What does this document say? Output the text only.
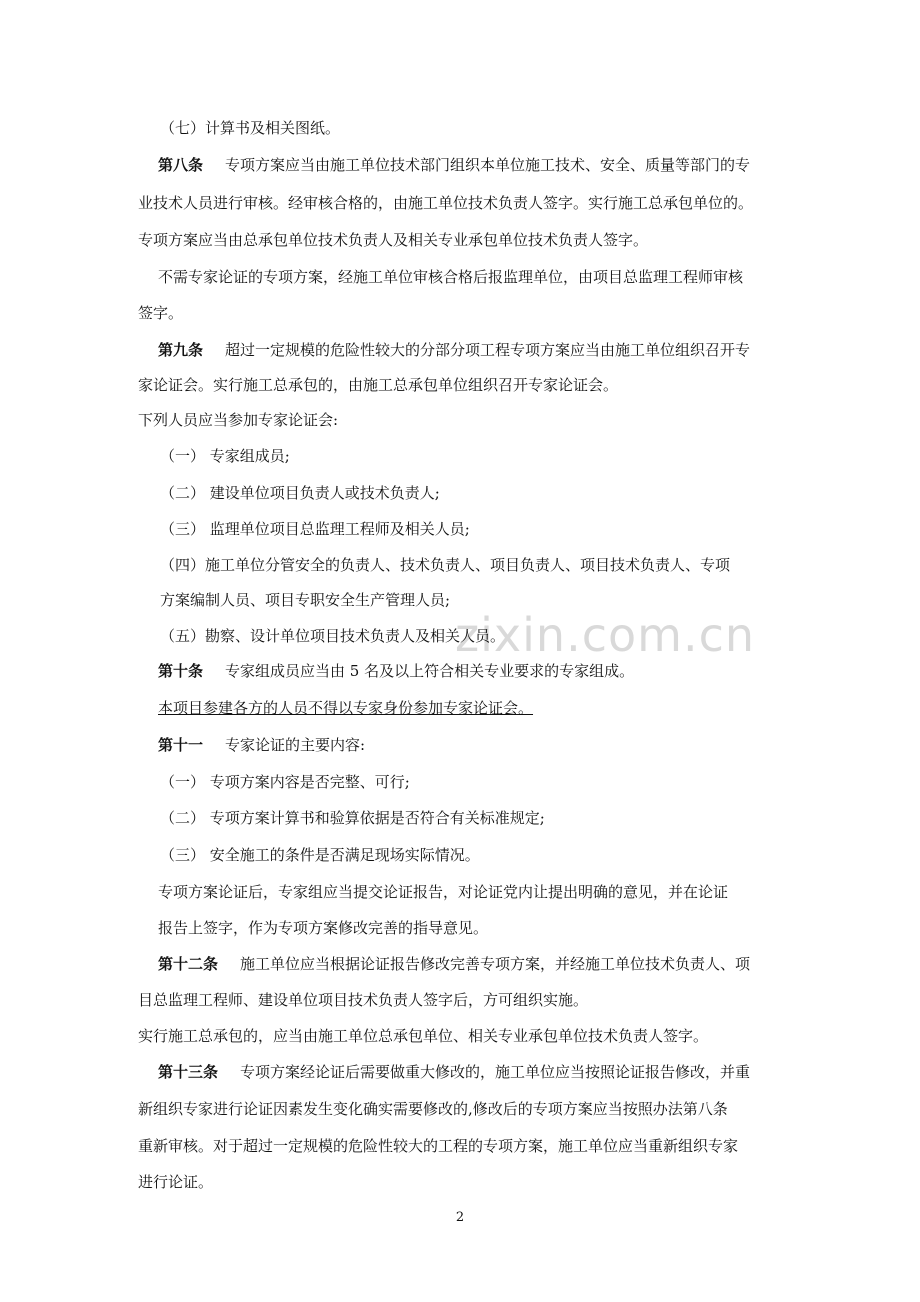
zixin.com.cn
（七）计算书及相关图纸。
第八条 专项方案应当由施工单位技术部门组织本单位施工技术、安全、质量等部门的专
业技术人员进行审核。经审核合格的，由施工单位技术负责人签字。实行施工总承包单位的。
专项方案应当由总承包单位技术负责人及相关专业承包单位技术负责人签字。
不需专家论证的专项方案，经施工单位审核合格后报监理单位，由项目总监理工程师审核
签字。
第九条 超过一定规模的危险性较大的分部分项工程专项方案应当由施工单位组织召开专
家论证会。实行施工总承包的，由施工总承包单位组织召开专家论证会。
下列人员应当参加专家论证会:
（一） 专家组成员;
（二） 建设单位项目负责人或技术负责人;
（三） 监理单位项目总监理工程师及相关人员;
（四）施工单位分管安全的负责人、技术负责人、项目负责人、项目技术负责人、专项
方案编制人员、项目专职安全生产管理人员;
（五）勘察、设计单位项目技术负责人及相关人员。
第十条 专家组成员应当由 5 名及以上符合相关专业要求的专家组成。
本项目参建各方的人员不得以专家身份参加专家论证会。
第十一 专家论证的主要内容:
（一） 专项方案内容是否完整、可行;
（二） 专项方案计算书和验算依据是否符合有关标准规定;
（三） 安全施工的条件是否满足现场实际情况。
专项方案论证后，专家组应当提交论证报告，对论证党内让提出明确的意见，并在论证
报告上签字，作为专项方案修改完善的指导意见。
第十二条 施工单位应当根据论证报告修改完善专项方案，并经施工单位技术负责人、项
目总监理工程师、建设单位项目技术负责人签字后，方可组织实施。
实行施工总承包的，应当由施工单位总承包单位、相关专业承包单位技术负责人签字。
第十三条 专项方案经论证后需要做重大修改的，施工单位应当按照论证报告修改，并重
新组织专家进行论证因素发生变化确实需要修改的,修改后的专项方案应当按照办法第八条
重新审核。对于超过一定规模的危险性较大的工程的专项方案，施工单位应当重新组织专家
进行论证。
2
